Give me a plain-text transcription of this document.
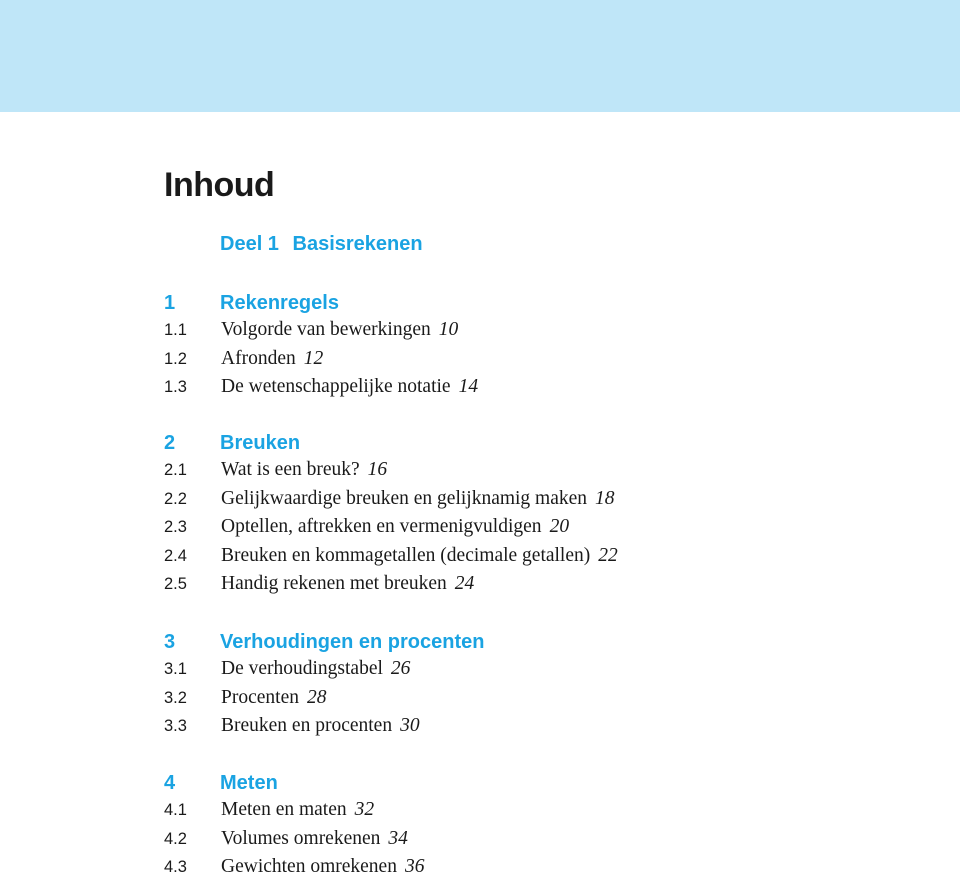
Inhoud
Deel 1 Basisrekenen
1 Rekenregels
1.1 Volgorde van bewerkingen 10
1.2 Afronden 12
1.3 De wetenschappelijke notatie 14
2 Breuken
2.1 Wat is een breuk? 16
2.2 Gelijkwaardige breuken en gelijknamig maken 18
2.3 Optellen, aftrekken en vermenigvuldigen 20
2.4 Breuken en kommagetallen (decimale getallen) 22
2.5 Handig rekenen met breuken 24
3 Verhoudingen en procenten
3.1 De verhoudingstabel 26
3.2 Procenten 28
3.3 Breuken en procenten 30
4 Meten
4.1 Meten en maten 32
4.2 Volumes omrekenen 34
4.3 Gewichten omrekenen 36
